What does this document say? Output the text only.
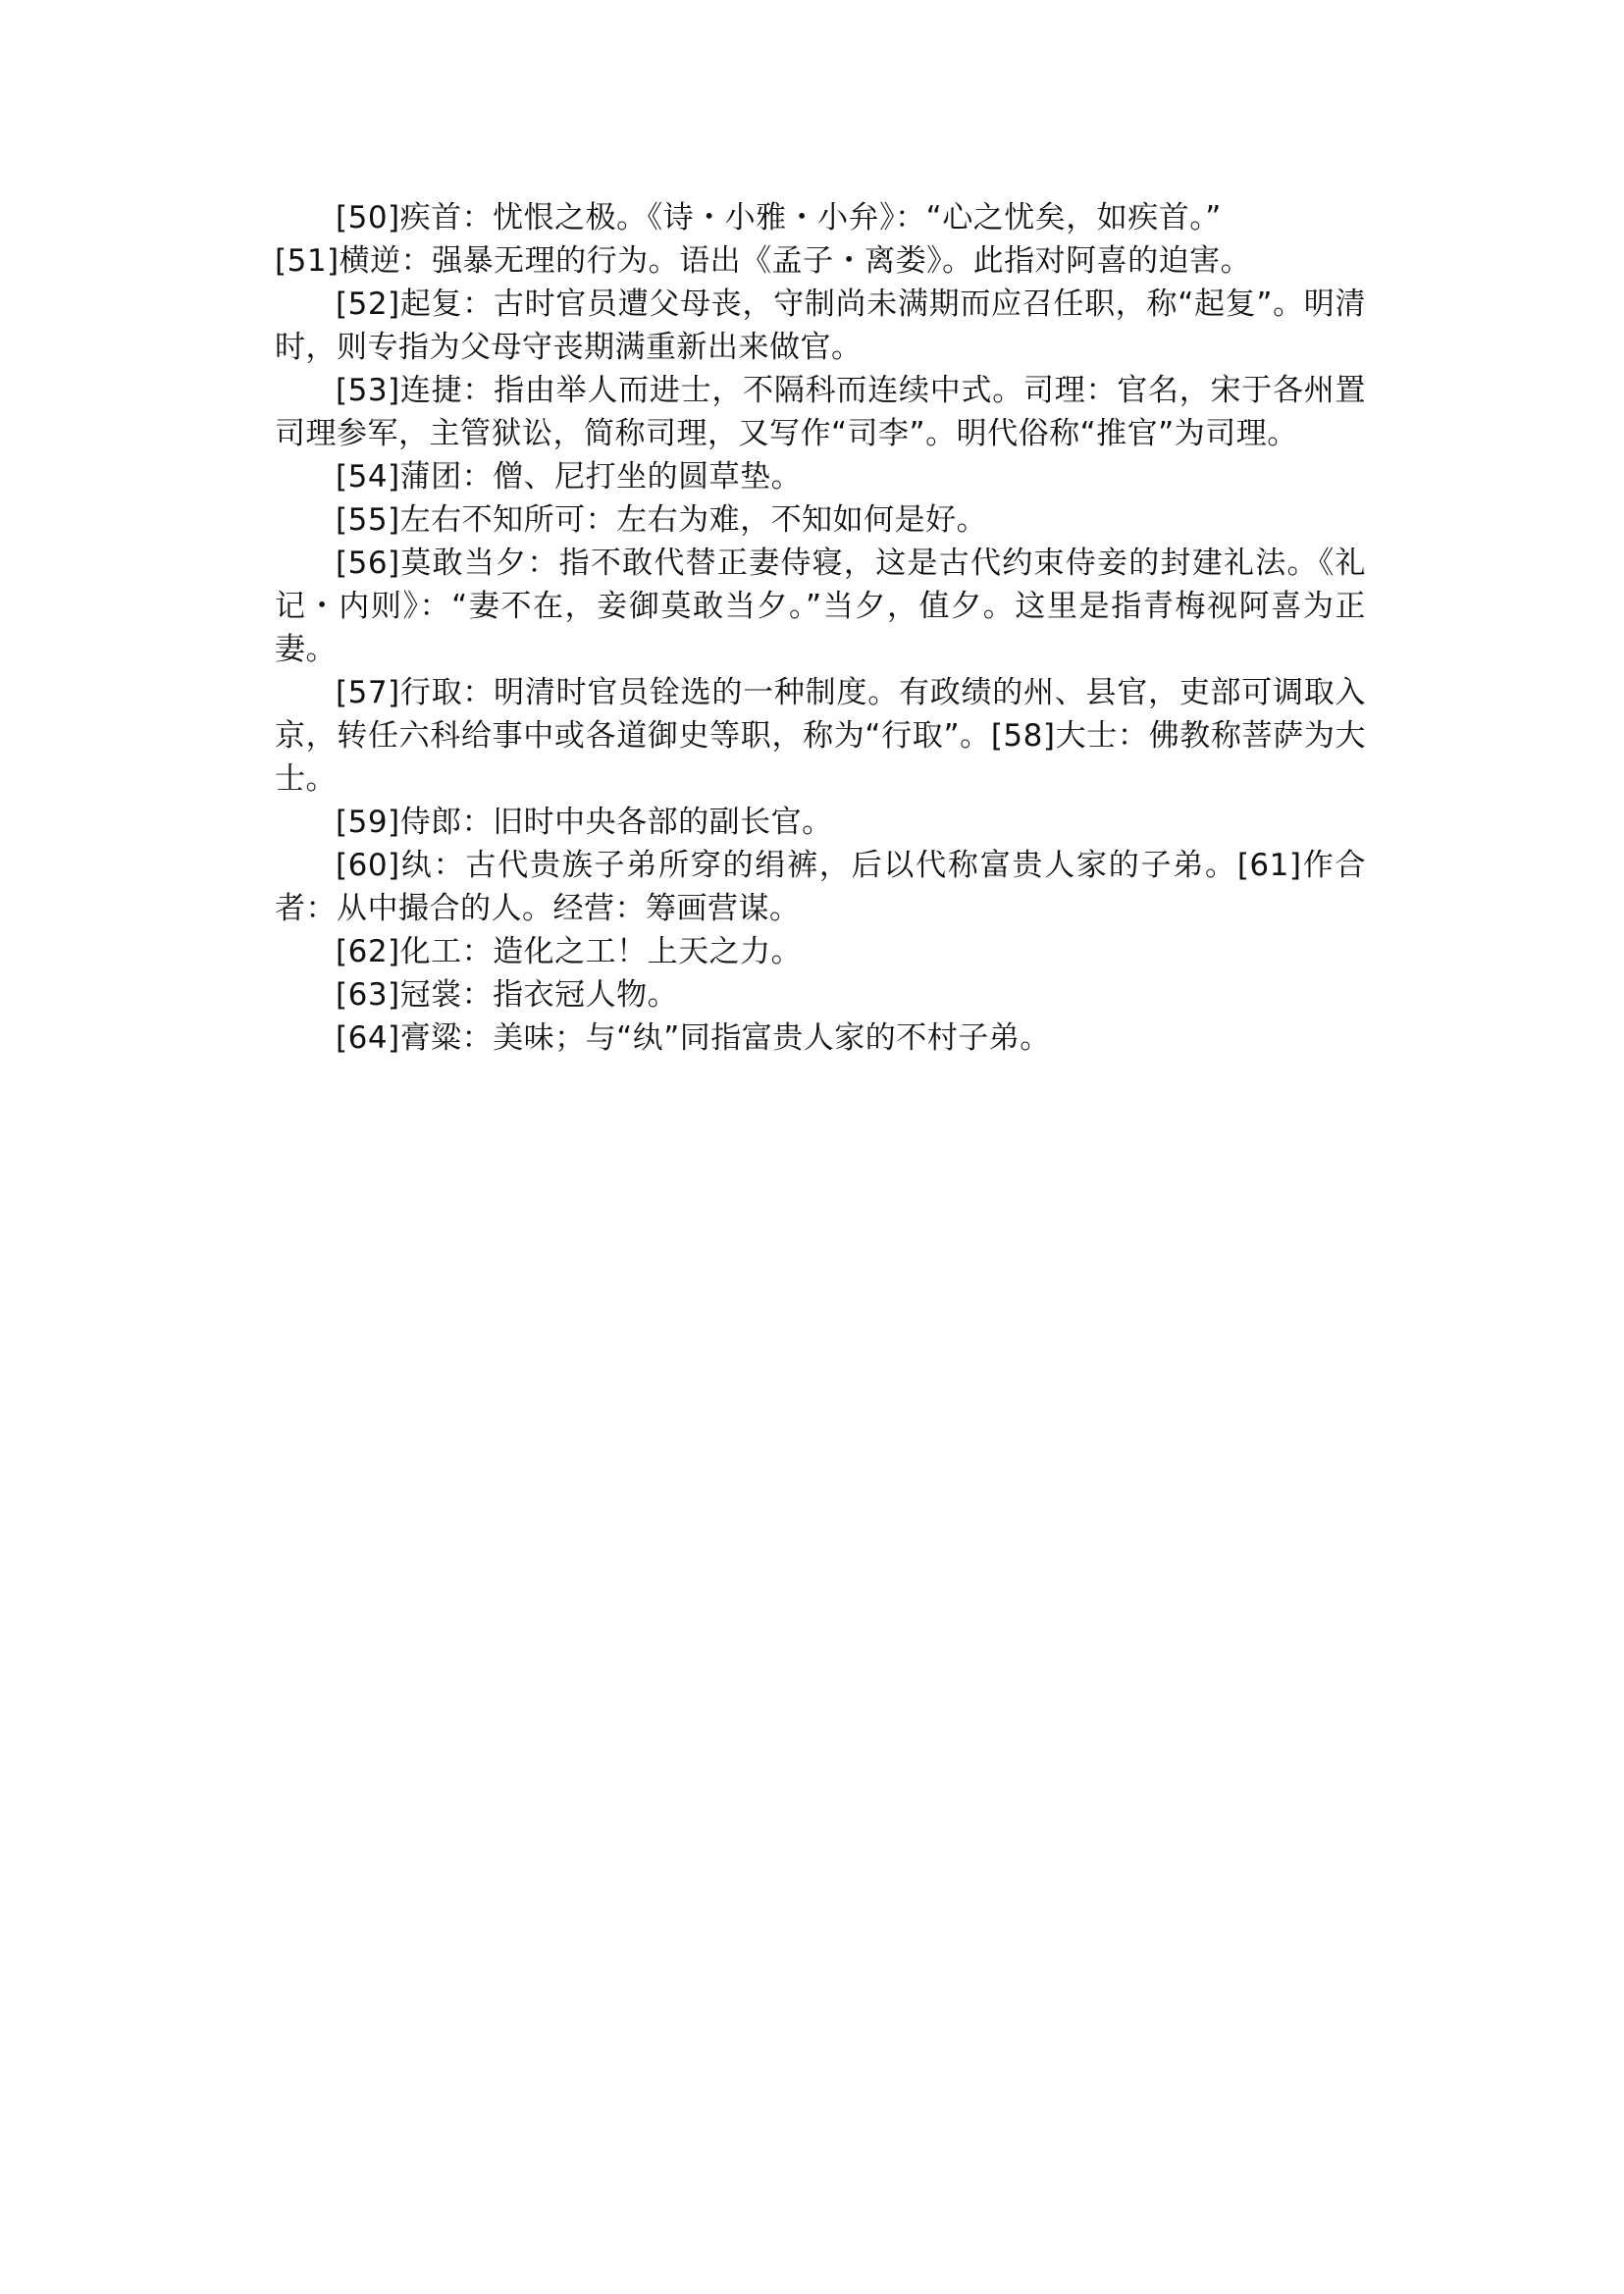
[50]疾首：忧恨之极。《诗・小雅・小弁》：“心之忧矣，如疾首。”

[51]横逆：强暴无理的行为。语出《孟子・离娄》。此指对阿喜的迫害。

[52]起复：古时官员遭父母丧，守制尚未满期而应召任职，称“起复”。明清时，则专指为父母守丧期满重新出来做官。

[53]连捷：指由举人而进士，不隔科而连续中式。司理：官名，宋于各州置司理参军，主管狱讼，简称司理，又写作“司李”。明代俗称“推官”为司理。

[54]蒲团：僧、尼打坐的圆草垫。

[55]左右不知所可：左右为难，不知如何是好。

[56]莫敢当夕：指不敢代替正妻侍寝，这是古代约束侍妾的封建礼法。《礼记・内则》：“妻不在，妾御莫敢当夕。”当夕，值夕。这里是指青梅视阿喜为正妻。

[57]行取：明清时官员铨选的一种制度。有政绩的州、县官，吏部可调取入京，转任六科给事中或各道御史等职，称为“行取”。[58]大士：佛教称菩萨为大士。

[59]侍郎：旧时中央各部的副长官。

[60]纨：古代贵族子弟所穿的绢裤，后以代称富贵人家的子弟。[61]作合者：从中撮合的人。经营：筹画营谋。

[62]化工：造化之工！上天之力。

[63]冠裳：指衣冠人物。

[64]膏粱：美味；与“纨”同指富贵人家的不村子弟。
